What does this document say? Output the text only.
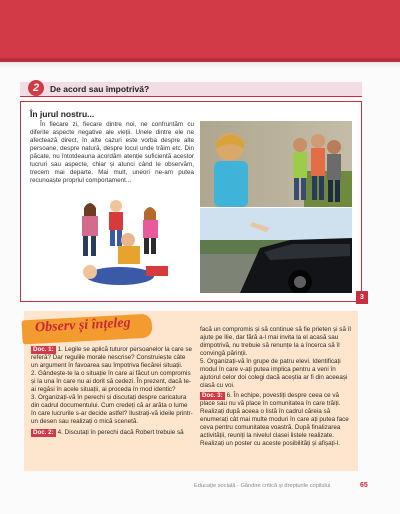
2	De acord sau împotrivă?
În jurul nostru...
În fiecare zi, fiecare dintre noi, ne confruntăm cu diferite aspecte negative ale vieții. Unele dintre ele ne afectează direct, în alte cazuri este vorba despre alte persoane, despre natură, despre locul unde trăim etc. Din păcate, nu întotdeauna acordăm atenție suficientă acestor lucruri sau aspecte, chiar și atunci când le observăm, trecem mai departe. Mai mult, uneori ne-am putea recunoaște propriul comportament...
3
Observ și înțeleg

Doc. 1: 1. Legile se aplică tuturor persoanelor la care se referă? Dar regulile morale nescrise? Construiește câte un argument în favoarea sau împotriva fiecărei situații.

2. Gândește-te la o situație în care ai făcut un compromis și la una în care nu ai dorit să cedezi. În prezent, dacă te-ai regăsi în acele situații, ai proceda în mod identic?

3. Organizați-vă în perechi și discutați despre caricatura din cadrul documentului. Cum credeți că ar arăta o lume în care lucrurile s-ar decide astfel? Ilustrați-vă ideile printr-un desen sau realizați o mică scenetă.

Doc. 2: 4. Discutați în perechi dacă Robert trebuie să

facă un compromis și să continue să fie prieten și să îl ajute pe Ilie, dar fără a-l mai invita la el acasă sau dimpotrivă, nu trebuie să renunțe la a încerca să îl convingă părinții.

5. Organizați-vă în grupe de patru elevi. Identificați modul în care v-ați putea implica pentru a veni în ajutorul celor doi colegi dacă aceștia ar fi din aceeași clasă cu voi.

Doc. 3: 6. În echipe, povestiți despre ceea ce vă place sau nu vă place în comunitatea în care trăiți. Realizați după aceea o listă în cadrul căreia să enumerați cât mai multe moduri în care ați putea face ceva pentru comunitatea voastră. După finalizarea activității, reuniți la nivelul clasei listele realizate. Realizați un poster cu aceste posibilități și afișați-l.

Educație socială - Gândire critică și drepturile copilului	65
